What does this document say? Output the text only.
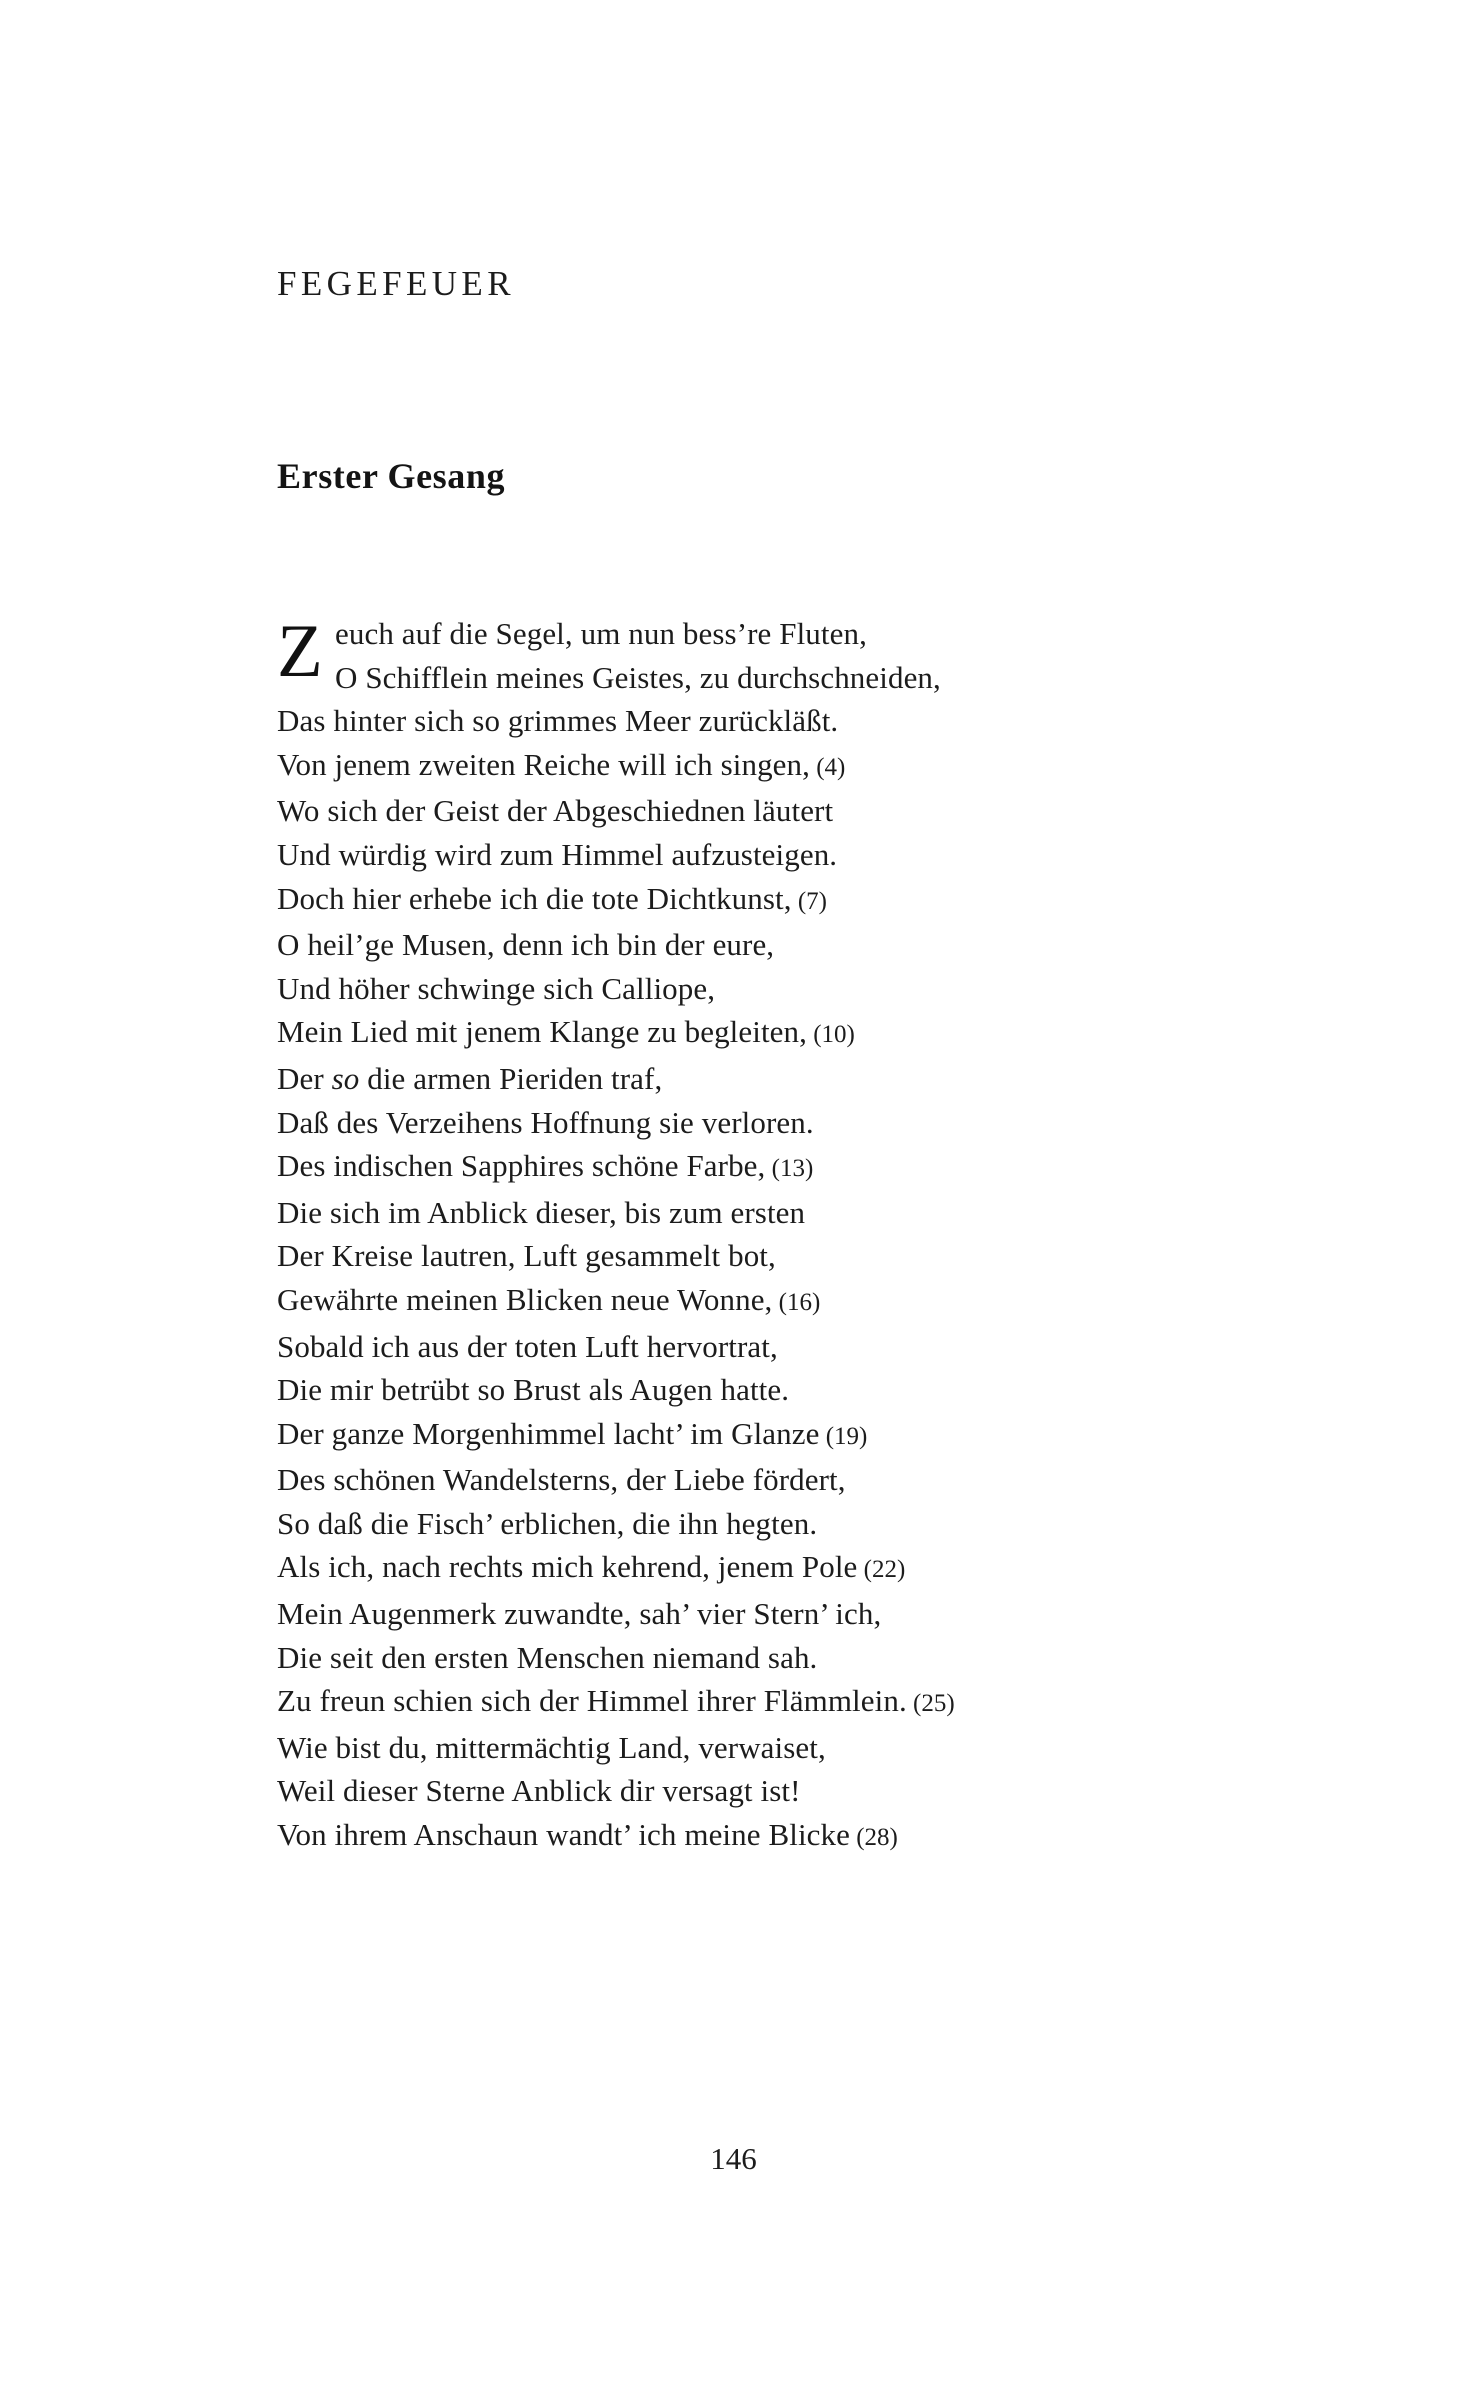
FEGEFEUER
Erster Gesang
Z euch auf die Segel, um nun bess’re Fluten,
O Schifflein meines Geistes, zu durchschneiden,
Das hinter sich so grimmes Meer zurückläßt.
Von jenem zweiten Reiche will ich singen, (4)
Wo sich der Geist der Abgeschiednen läutert
Und würdig wird zum Himmel aufzusteigen.
Doch hier erhebe ich die tote Dichtkunst, (7)
O heil’ge Musen, denn ich bin der eure,
Und höher schwinge sich Calliope,
Mein Lied mit jenem Klange zu begleiten, (10)
Der so die armen Pieriden traf,
Daß des Verzeihens Hoffnung sie verloren.
Des indischen Sapphires schöne Farbe, (13)
Die sich im Anblick dieser, bis zum ersten
Der Kreise lautren, Luft gesammelt bot,
Gewährte meinen Blicken neue Wonne, (16)
Sobald ich aus der toten Luft hervortrat,
Die mir betrübt so Brust als Augen hatte.
Der ganze Morgenhimmel lacht’ im Glanze (19)
Des schönen Wandelsterns, der Liebe fördert,
So daß die Fisch’ erblichen, die ihn hegten.
Als ich, nach rechts mich kehrend, jenem Pole (22)
Mein Augenmerk zuwandte, sah’ vier Stern’ ich,
Die seit den ersten Menschen niemand sah.
Zu freun schien sich der Himmel ihrer Flämmlein. (25)
Wie bist du, mittermächtig Land, verwaiset,
Weil dieser Sterne Anblick dir versagt ist!
Von ihrem Anschaun wandt’ ich meine Blicke (28)
146
